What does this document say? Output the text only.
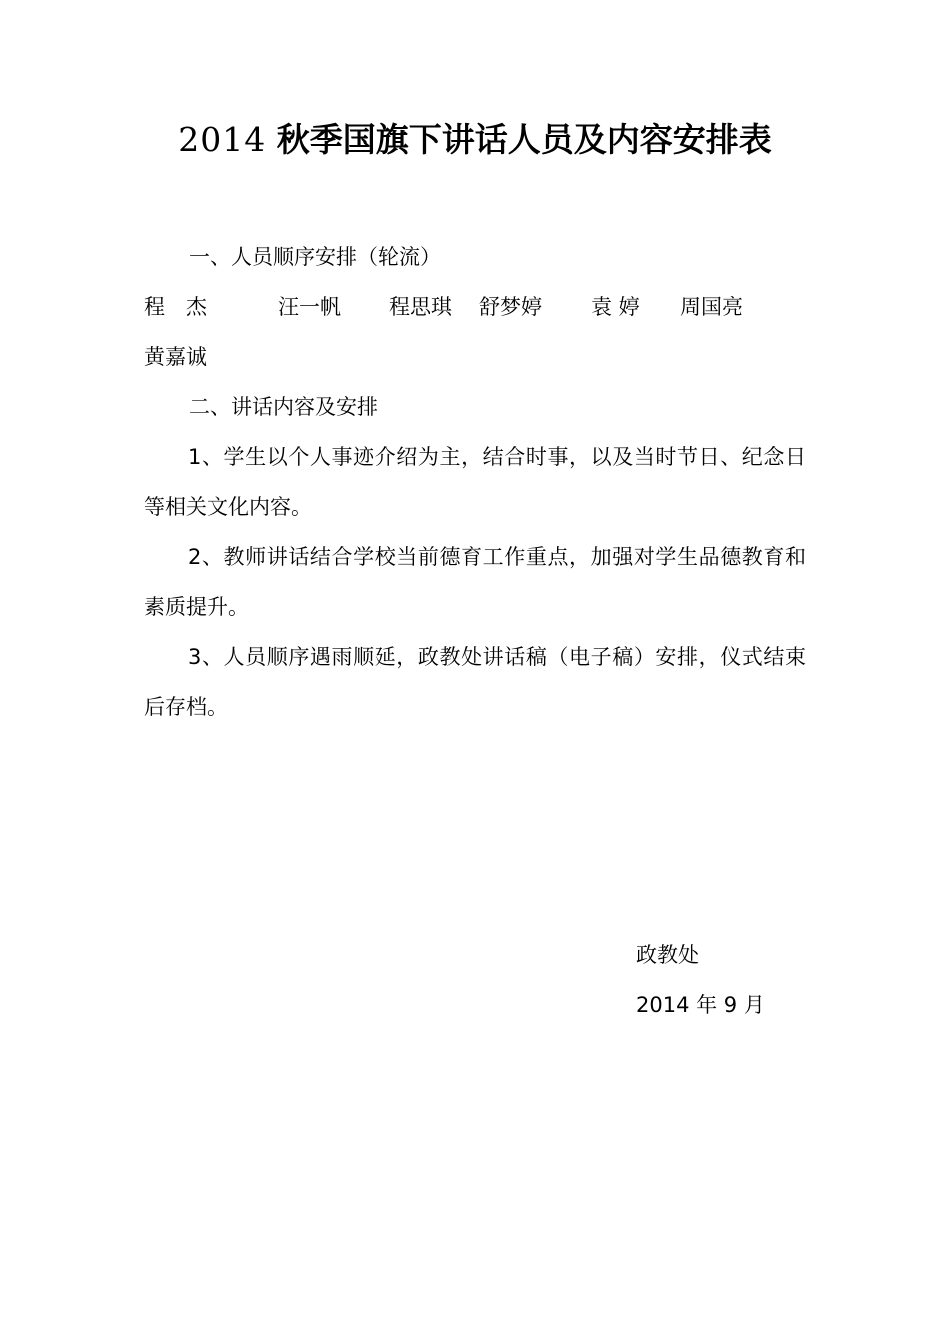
2014 秋季国旗下讲话人员及内容安排表
一、人员顺序安排（轮流）
程　杰	汪一帆 程思琪 舒梦婷 袁 婷 周国亮
黄嘉诚
二、讲话内容及安排
1、学生以个人事迹介绍为主，结合时事，以及当时节日、纪念日等相关文化内容。
2、教师讲话结合学校当前德育工作重点，加强对学生品德教育和素质提升。
3、人员顺序遇雨顺延，政教处讲话稿（电子稿）安排，仪式结束后存档。
政教处
2014 年 9 月
